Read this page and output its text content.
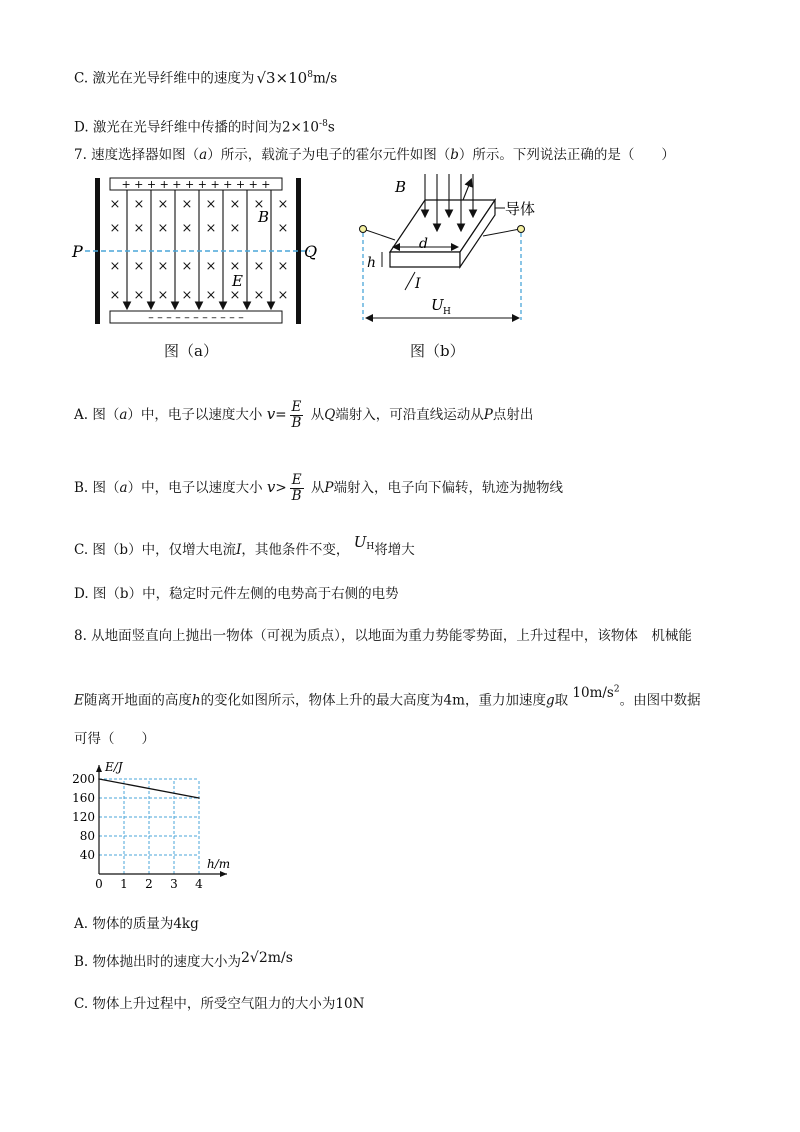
C. 激光在光导纤维中的速度为 $√3\times 10^8m/s$
D. 激光在光导纤维中传播的时间为$2\times 10^{-8}s$
7. 速度选择器如图（a）所示，载流子为电子的霍尔元件如图（b）所示。下列说法正确的是（　　）
+ + + + + + + + + + + +
– – – – – – – – – – –
× × × × × × × ×
× × × × × ×	×
× × × × × × × ×
× × × × × × × ×
B
E
P	Q
图（a）
B
导体
d
h
I
U H
图（b）
A. 图（a）中，电子以速度大小 $v= \frac{E}{B}$ 从Q端射入，可沿直线运动从P点射出
B. 图（a）中，电子以速度大小 $v> \frac{E}{B}$ 从P端射入，电子向下偏转，轨迹为抛物线
C. 图（b）中，仅增大电流I，其他条件不变， $U^H$将增大
D. 图（b）中，稳定时元件左侧的电势高于右侧的电势
8. 从地面竖直向上抛出一物体（可视为质点），以地面为重力势能零势面，上升过程中，该物体　机械能
E随离开地面的高度h的变化如图所示，物体上升的最大高度为4m，重力加速度g取 $10m/s^2$。由图中数据
可得（　　）
0 1 2 3 4
40
80
120
160
200
h/m
E/J
A. 物体的质量为4kg
B. 物体抛出时的速度大小为2√2m/s
C. 物体上升过程中，所受空气阻力的大小为10N
